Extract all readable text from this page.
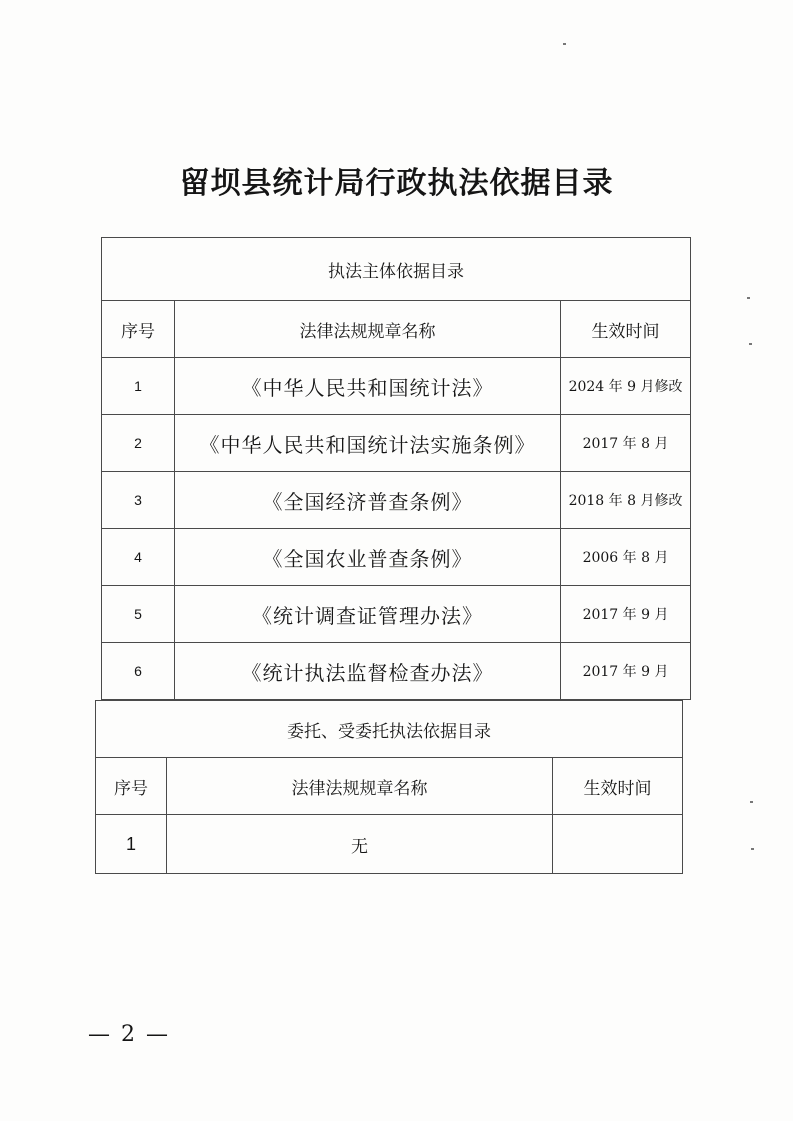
留坝县统计局行政执法依据目录
执法主体依据目录		
序号	法律法规规章名称	生效时间
1	《中华人民共和国统计法》	2024 年 9 月修改
2	《中华人民共和国统计法实施条例》	2017 年 8 月
3	《全国经济普查条例》	2018 年 8 月修改
4	《全国农业普查条例》	2006 年 8 月
5	《统计调查证管理办法》	2017 年 9 月
6	《统计执法监督检查办法》	2017 年 9 月
委托、受委托执法依据目录		
序号	法律法规规章名称	生效时间
1	无	
— 2 —
